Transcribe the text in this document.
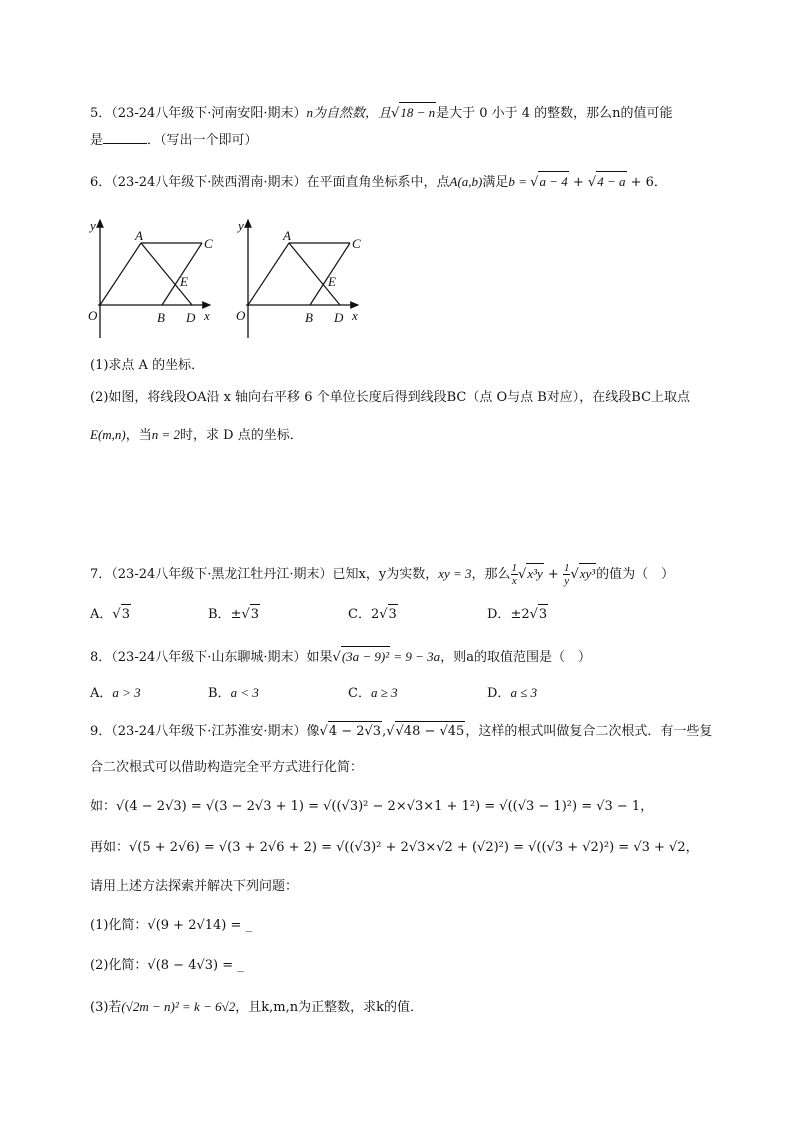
5．（23-24八年级下·河南安阳·期末）n为自然数，且 √ 18 − n是大于 0 小于 4 的整数，那么n的值可能
是	．（写出一个即可）
6．（23-24八年级下·陕西渭南·期末）在平面直角坐标系中，点A(a,b)满足b = √ a − 4 + √ 4 − a + 6．
y
x
O
A
C
E
B D
y
x
O
A
C
E
B D
(1)求点 A 的坐标．
(2)如图，将线段OA沿 x 轴向右平移 6 个单位长度后得到线段BC（点 O与点 B对应），在线段BC上取点
E(m,n)，当n = 2时，求 D 点的坐标．
7．（23-24八年级下·黑龙江牡丹江·期末）已知x，y为实数，xy = 3，那么 $\frac{1}{x}$ √ $x^3y + \frac{1}{y}$ √ xy³的值为（　）
A． √ 3	B．± √ 3	C．2 √ 3	D．±2 √ 3
8．（23-24八年级下·山东聊城·期末）如果 √ (3a − 9)² = 9 − 3a，则a的取值范围是（　）
A．a > 3	B．a < 3	C．a ≥ 3	D．a ≤ 3
9．（23-24八年级下·江苏淮安·期末）像 √ 4 − 2√3, √ √48 − √45，这样的根式叫做复合二次根式．有一些复
合二次根式可以借助构造完全平方式进行化简：
如：√(4 − 2√3) = √(3 − 2√3 + 1) = √((√3)² − 2×√3×1 + 1²) = √((√3 − 1)²) = √3 − 1，
再如：√(5 + 2√6) = √(3 + 2√6 + 2) = √((√3)² + 2√3×√2 + (√2)²) = √((√3 + √2)²) = √3 + √2，
请用上述方法探索并解决下列问题：
(1)化简：√(9 + 2√14) = _
(2)化简：√(8 − 4√3) = _
(3)若(√2m − n)² = k − 6√2，且k,m,n为正整数，求k的值．
